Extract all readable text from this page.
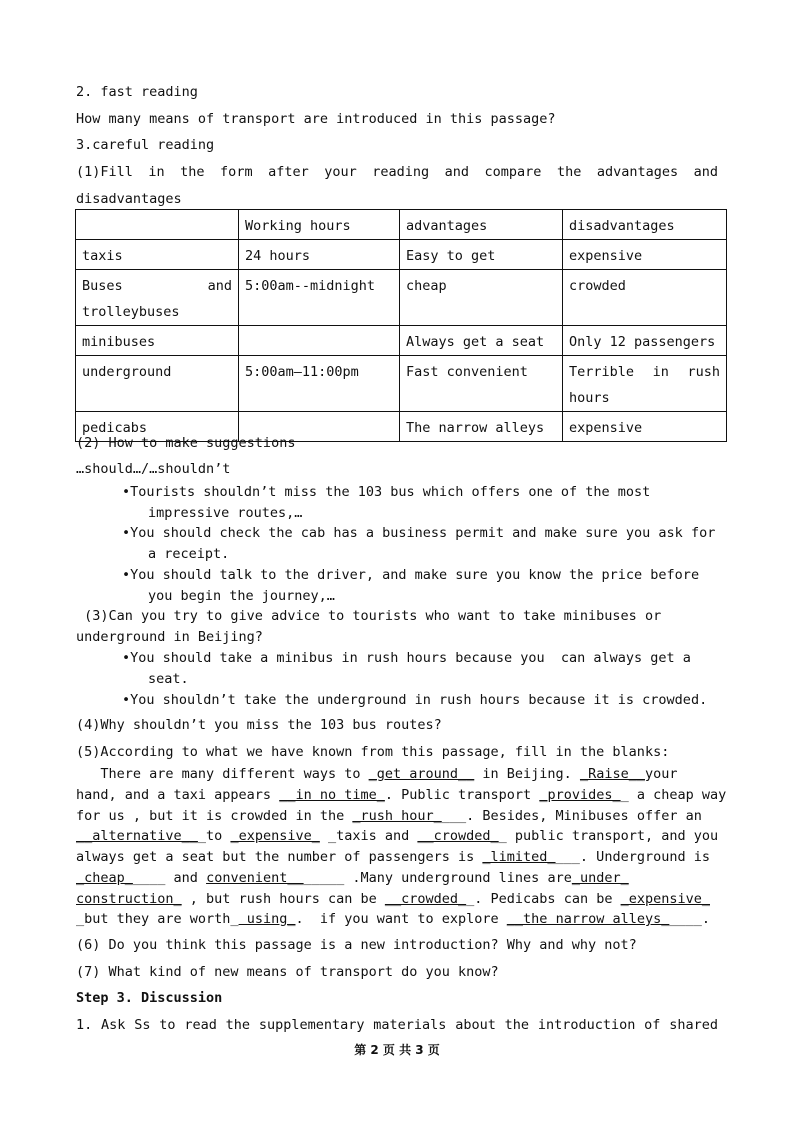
2. fast reading
How many means of transport are introduced in this passage?
3.careful reading
(1)Fill in the form after your reading and compare the advantages and
disadvantages
	Working hours	advantages	disadvantages
taxis	24 hours	Easy to get	expensive
Buses and trolleybuses	5:00am--midnight	cheap	crowded
minibuses		Always get a seat	Only 12 passengers
underground	5:00am—11:00pm	Fast convenient	Terrible in rush hours
pedicabs		The narrow alleys	expensive
(2) How to make suggestions
…should…/…shouldn’t
•Tourists shouldn’t miss the 103 bus which offers one of the most
impressive routes,…
•You should check the cab has a business permit and make sure you ask for
a receipt.
•You should talk to the driver, and make sure you know the price before
you begin the journey,…
(3)Can you try to give advice to tourists who want to take minibuses or
underground in Beijing?
•You should take a minibus in rush hours because you  can always get a
seat.
•You shouldn’t take the underground in rush hours because it is crowded.
(4)Why shouldn’t you miss the 103 bus routes?
(5)According to what we have known from this passage, fill in the blanks:
There are many different ways to _get around__ in Beijing. _Raise__your
hand, and a taxi appears __in no time_. Public transport _provides__ a cheap way
for us , but it is crowded in the _rush hour____. Besides, Minibuses offer an
__alternative___to _expensive_ _taxis and __crowded__ public transport, and you
always get a seat but the number of passengers is _limited____. Underground is
_cheap_____ and convenient_______ .Many underground lines are_under_
construction_ , but rush hours can be __crowded__. Pedicabs can be _expensive_
_but they are worth_ using_.  if you want to explore __the narrow alleys_____.
(6) Do you think this passage is a new introduction? Why and why not?
(7) What kind of new means of transport do you know?
Step 3. Discussion
1. Ask Ss to read the supplementary materials about the introduction of shared
第 2 页 共 3 页
